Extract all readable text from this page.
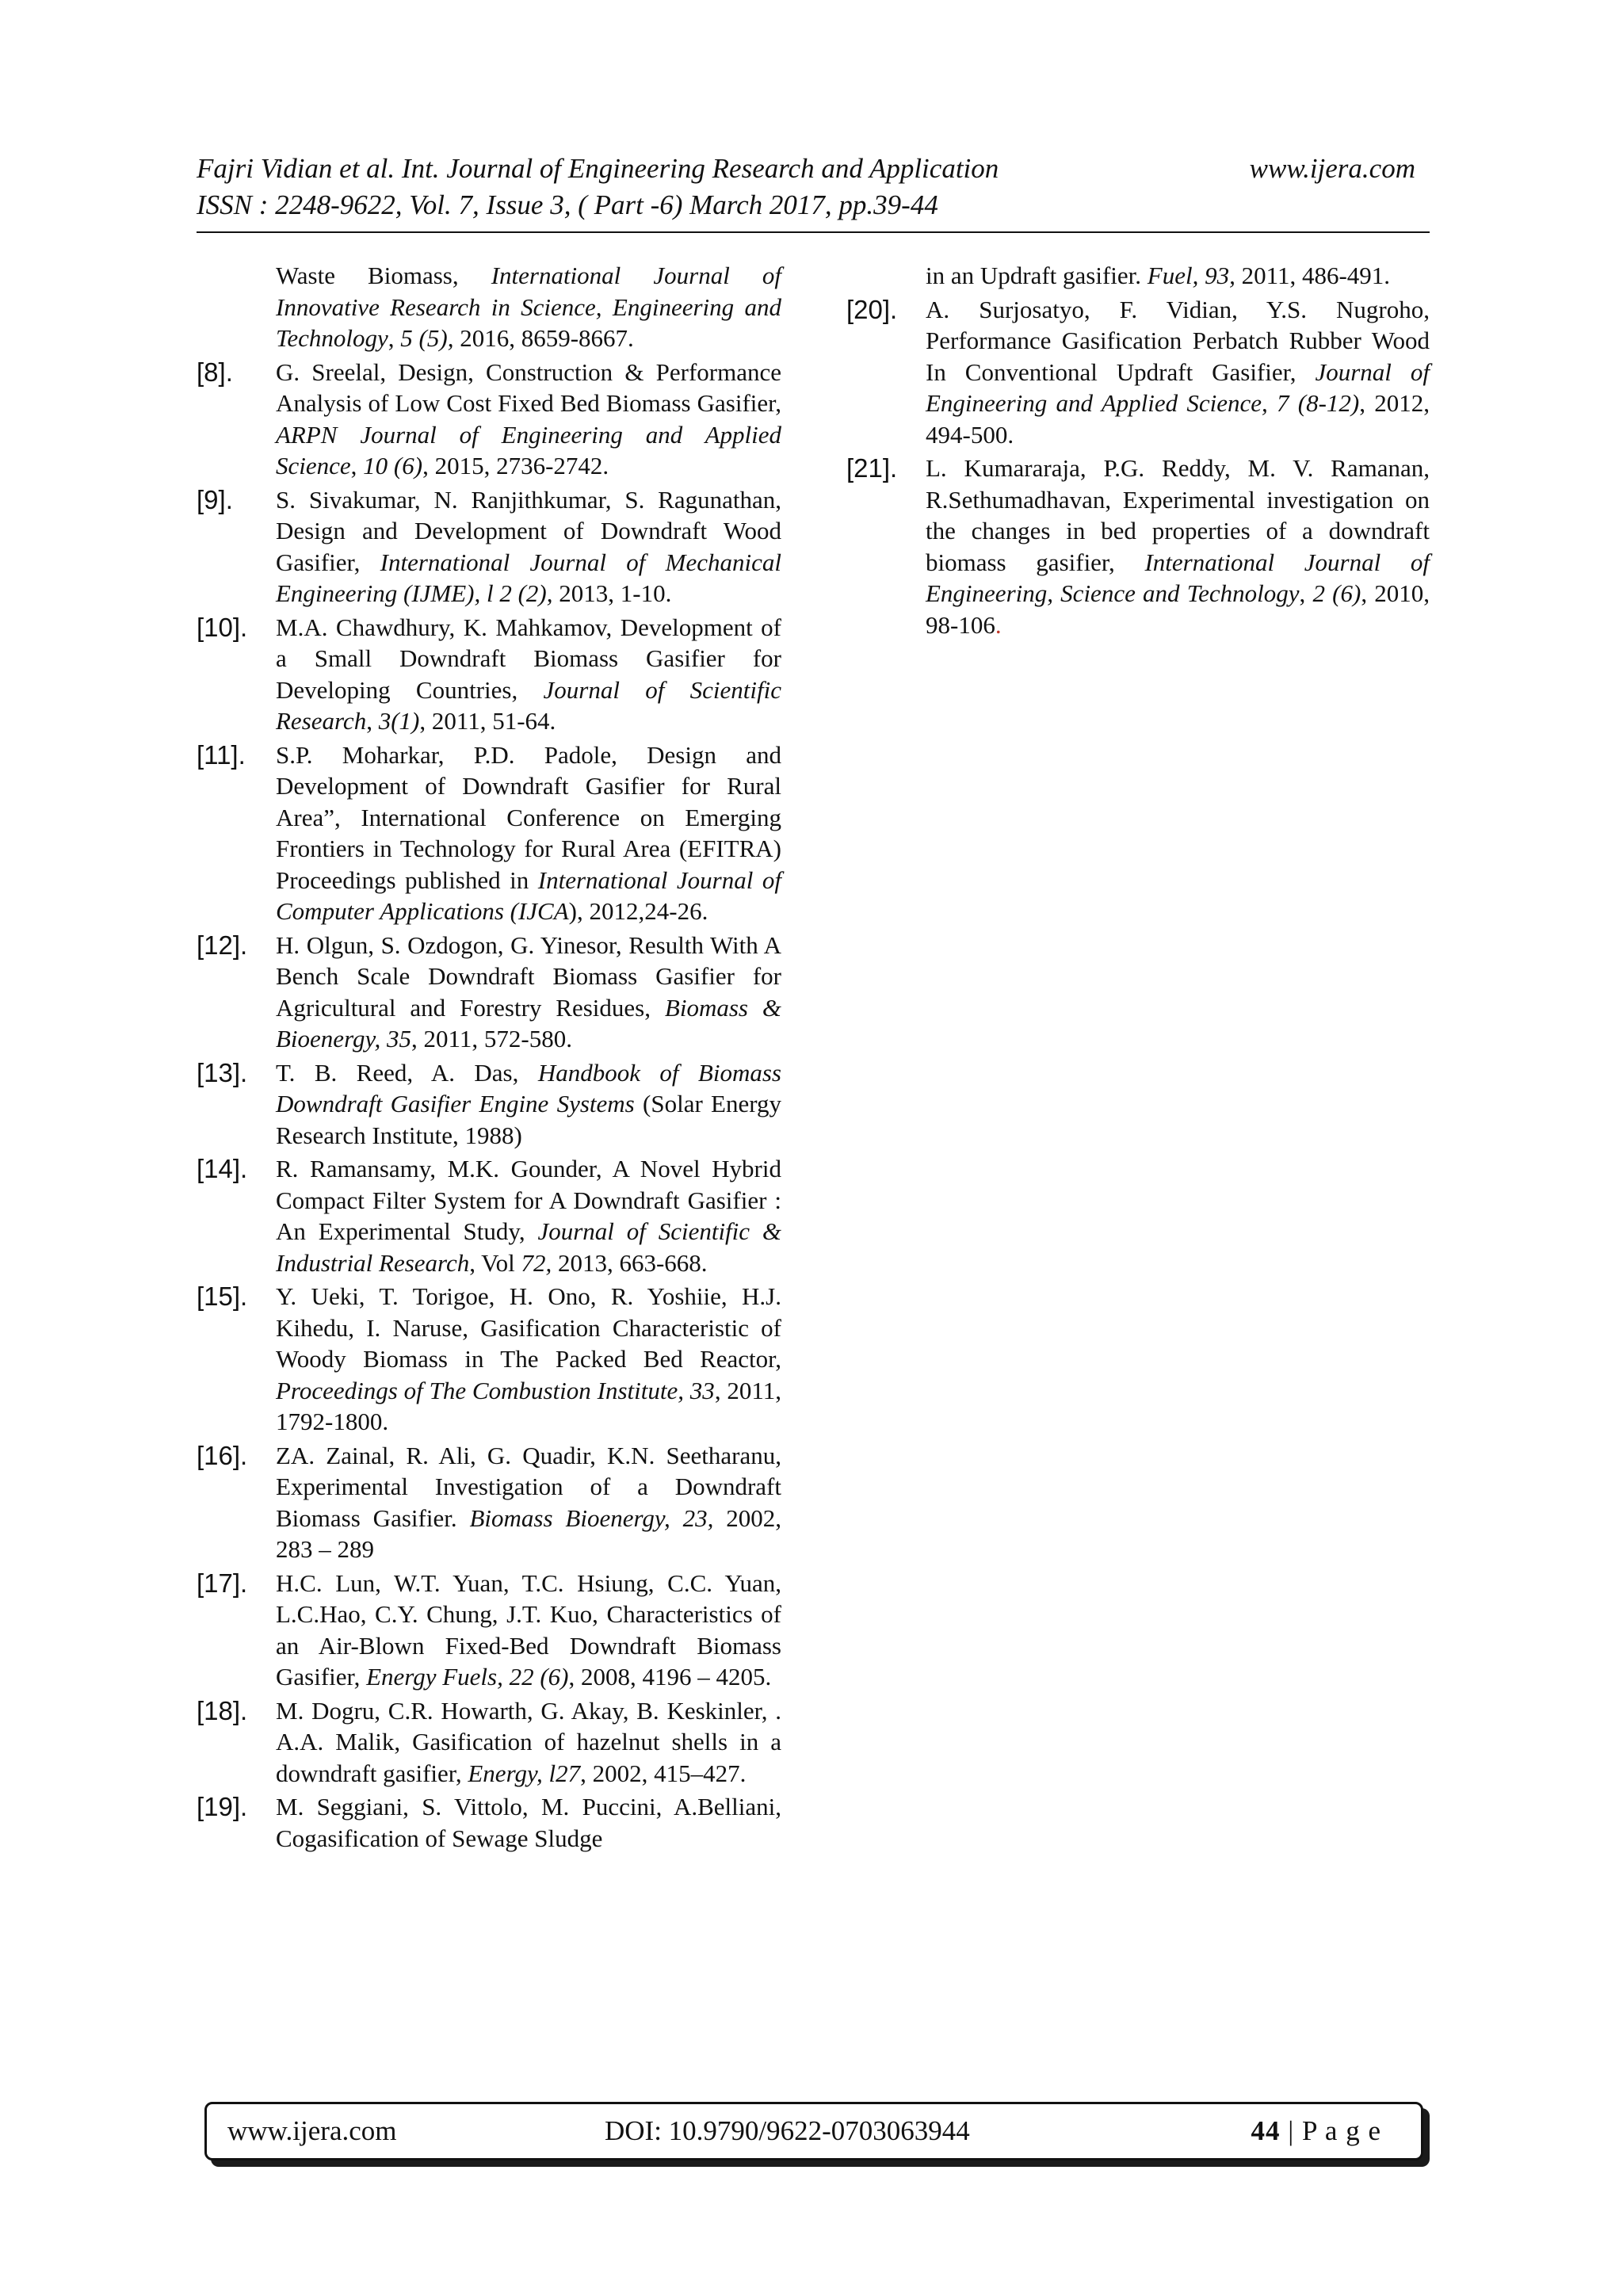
Fajri Vidian et al. Int. Journal of Engineering Research and Application	www.ijera.com
ISSN : 2248-9622, Vol. 7, Issue 3, ( Part -6) March 2017, pp.39-44
Waste Biomass, International Journal of Innovative Research in Science, Engineering and Technology, 5 (5), 2016, 8659-8667.
[8]. G. Sreelal, Design, Construction & Performance Analysis of Low Cost Fixed Bed Biomass Gasifier, ARPN Journal of Engineering and Applied Science, 10 (6), 2015, 2736-2742.
[9]. S. Sivakumar, N. Ranjithkumar, S. Ragunathan, Design and Development of Downdraft Wood Gasifier, International Journal of Mechanical Engineering (IJME), l 2 (2), 2013, 1-10.
[10]. M.A. Chawdhury, K. Mahkamov, Development of a Small Downdraft Biomass Gasifier for Developing Countries, Journal of Scientific Research, 3(1), 2011, 51-64.
[11]. S.P. Moharkar, P.D. Padole, Design and Development of Downdraft Gasifier for Rural Area”, International Conference on Emerging Frontiers in Technology for Rural Area (EFITRA) Proceedings published in International Journal of Computer Applications (IJCA), 2012,24-26.
[12]. H. Olgun, S. Ozdogon, G. Yinesor, Resulth With A Bench Scale Downdraft Biomass Gasifier for Agricultural and Forestry Residues, Biomass & Bioenergy, 35, 2011, 572-580.
[13]. T. B. Reed, A. Das, Handbook of Biomass Downdraft Gasifier Engine Systems (Solar Energy Research Institute, 1988)
[14]. R. Ramansamy, M.K. Gounder, A Novel Hybrid Compact Filter System for A Downdraft Gasifier : An Experimental Study, Journal of Scientific & Industrial Research, Vol 72, 2013, 663-668.
[15]. Y. Ueki, T. Torigoe, H. Ono, R. Yoshiie, H.J. Kihedu, I. Naruse, Gasification Characteristic of Woody Biomass in The Packed Bed Reactor, Proceedings of The Combustion Institute, 33, 2011, 1792-1800.
[16]. ZA. Zainal, R. Ali, G. Quadir, K.N. Seetharanu, Experimental Investigation of a Downdraft Biomass Gasifier. Biomass Bioenergy, 23, 2002, 283 – 289
[17]. H.C. Lun, W.T. Yuan, T.C. Hsiung, C.C. Yuan, L.C.Hao, C.Y. Chung, J.T. Kuo, Characteristics of an Air-Blown Fixed-Bed Downdraft Biomass Gasifier, Energy Fuels, 22 (6), 2008, 4196 – 4205.
[18]. M. Dogru, C.R. Howarth, G. Akay, B. Keskinler, . A.A. Malik, Gasification of hazelnut shells in a downdraft gasifier, Energy, l27, 2002, 415–427.
[19]. M. Seggiani, S. Vittolo, M. Puccini, A.Belliani, Cogasification of Sewage Sludge
in an Updraft gasifier. Fuel, 93, 2011, 486-491.
[20]. A. Surjosatyo, F. Vidian, Y.S. Nugroho, Performance Gasification Perbatch Rubber Wood In Conventional Updraft Gasifier, Journal of Engineering and Applied Science, 7 (8-12), 2012, 494-500.
[21]. L. Kumararaja, P.G. Reddy, M. V. Ramanan, R.Sethumadhavan, Experimental investigation on the changes in bed properties of a downdraft biomass gasifier, International Journal of Engineering, Science and Technology, 2 (6), 2010, 98-106.
www.ijera.com	DOI: 10.9790/9622-0703063944	44 | P a g e
